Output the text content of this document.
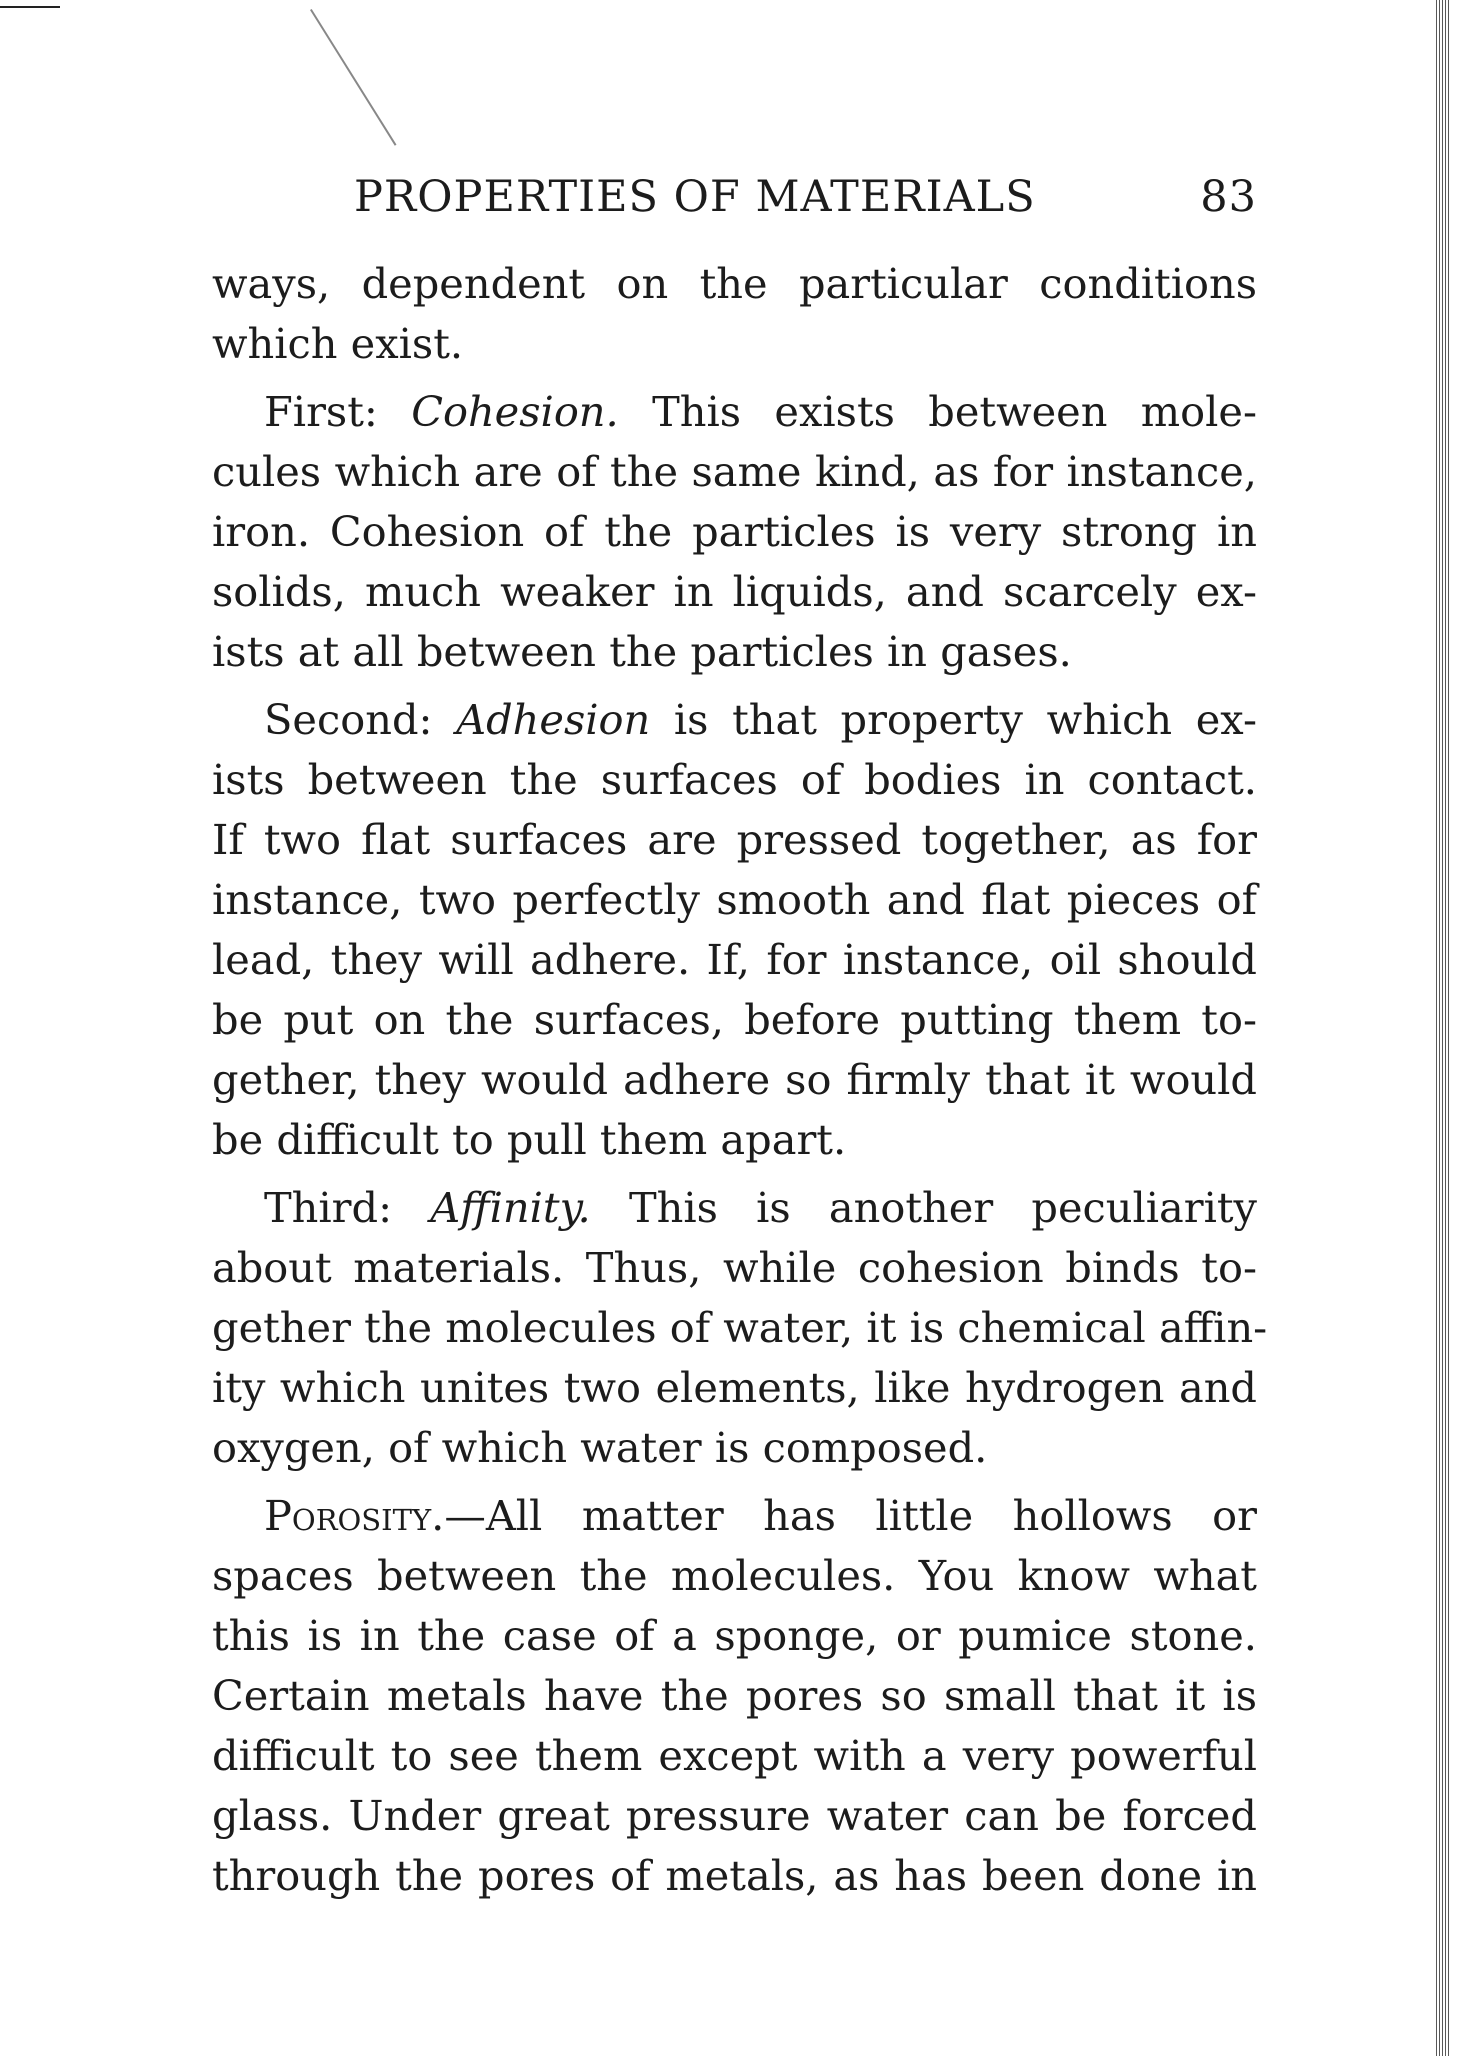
PROPERTIES OF MATERIALS	83
ways, dependent on the particular conditions
which exist.
First: Cohesion. This exists between mole-
cules which are of the same kind, as for instance,
iron. Cohesion of the particles is very strong in
solids, much weaker in liquids, and scarcely ex-
ists at all between the particles in gases.
Second: Adhesion is that property which ex-
ists between the surfaces of bodies in contact.
If two flat surfaces are pressed together, as for
instance, two perfectly smooth and flat pieces of
lead, they will adhere. If, for instance, oil should
be put on the surfaces, before putting them to-
gether, they would adhere so firmly that it would
be difficult to pull them apart.
Third: Affinity. This is another peculiarity
about materials. Thus, while cohesion binds to-
gether the molecules of water, it is chemical affin-
ity which unites two elements, like hydrogen and
oxygen, of which water is composed.
Porosity.—All matter has little hollows or
spaces between the molecules. You know what
this is in the case of a sponge, or pumice stone.
Certain metals have the pores so small that it is
difficult to see them except with a very powerful
glass. Under great pressure water can be forced
through the pores of metals, as has been done in
